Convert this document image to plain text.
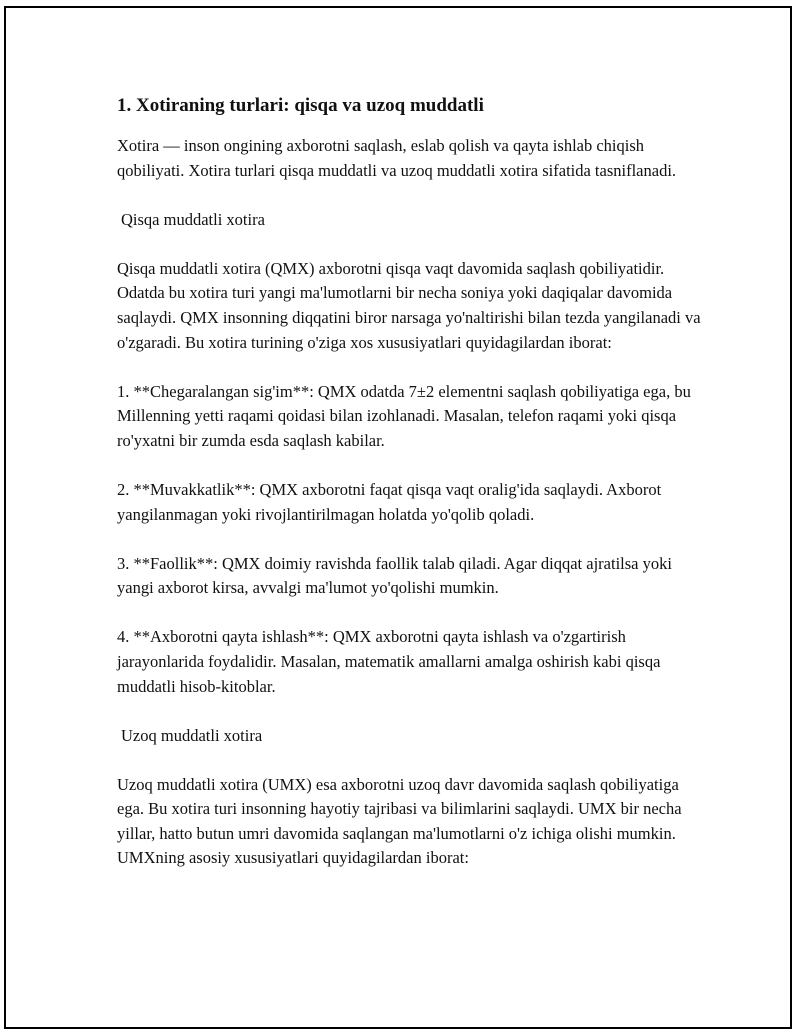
1. Xotiraning turlari: qisqa va uzoq muddatli

Xotira — inson ongining axborotni saqlash, eslab qolish va qayta ishlab chiqish qobiliyati. Xotira turlari qisqa muddatli va uzoq muddatli xotira sifatida tasniflanadi.

Qisqa muddatli xotira

Qisqa muddatli xotira (QMX) axborotni qisqa vaqt davomida saqlash qobiliyatidir. Odatda bu xotira turi yangi ma'lumotlarni bir necha soniya yoki daqiqalar davomida saqlaydi. QMX insonning diqqatini biror narsaga yo'naltirishi bilan tezda yangilanadi va o'zgaradi. Bu xotira turining o'ziga xos xususiyatlari quyidagilardan iborat:

1. **Chegaralangan sig'im**: QMX odatda 7±2 elementni saqlash qobiliyatiga ega, bu Millenning yetti raqami qoidasi bilan izohlanadi. Masalan, telefon raqami yoki qisqa ro'yxatni bir zumda esda saqlash kabilar.

2. **Muvakkatlik**: QMX axborotni faqat qisqa vaqt oralig'ida saqlaydi. Axborot yangilanmagan yoki rivojlantirilmagan holatda yo'qolib qoladi.

3. **Faollik**: QMX doimiy ravishda faollik talab qiladi. Agar diqqat ajratilsa yoki yangi axborot kirsa, avvalgi ma'lumot yo'qolishi mumkin.

4. **Axborotni qayta ishlash**: QMX axborotni qayta ishlash va o'zgartirish jarayonlarida foydalidir. Masalan, matematik amallarni amalga oshirish kabi qisqa muddatli hisob-kitoblar.

Uzoq muddatli xotira

Uzoq muddatli xotira (UMX) esa axborotni uzoq davr davomida saqlash qobiliyatiga ega. Bu xotira turi insonning hayotiy tajribasi va bilimlarini saqlaydi. UMX bir necha yillar, hatto butun umri davomida saqlangan ma'lumotlarni o'z ichiga olishi mumkin. UMXning asosiy xususiyatlari quyidagilardan iborat:
